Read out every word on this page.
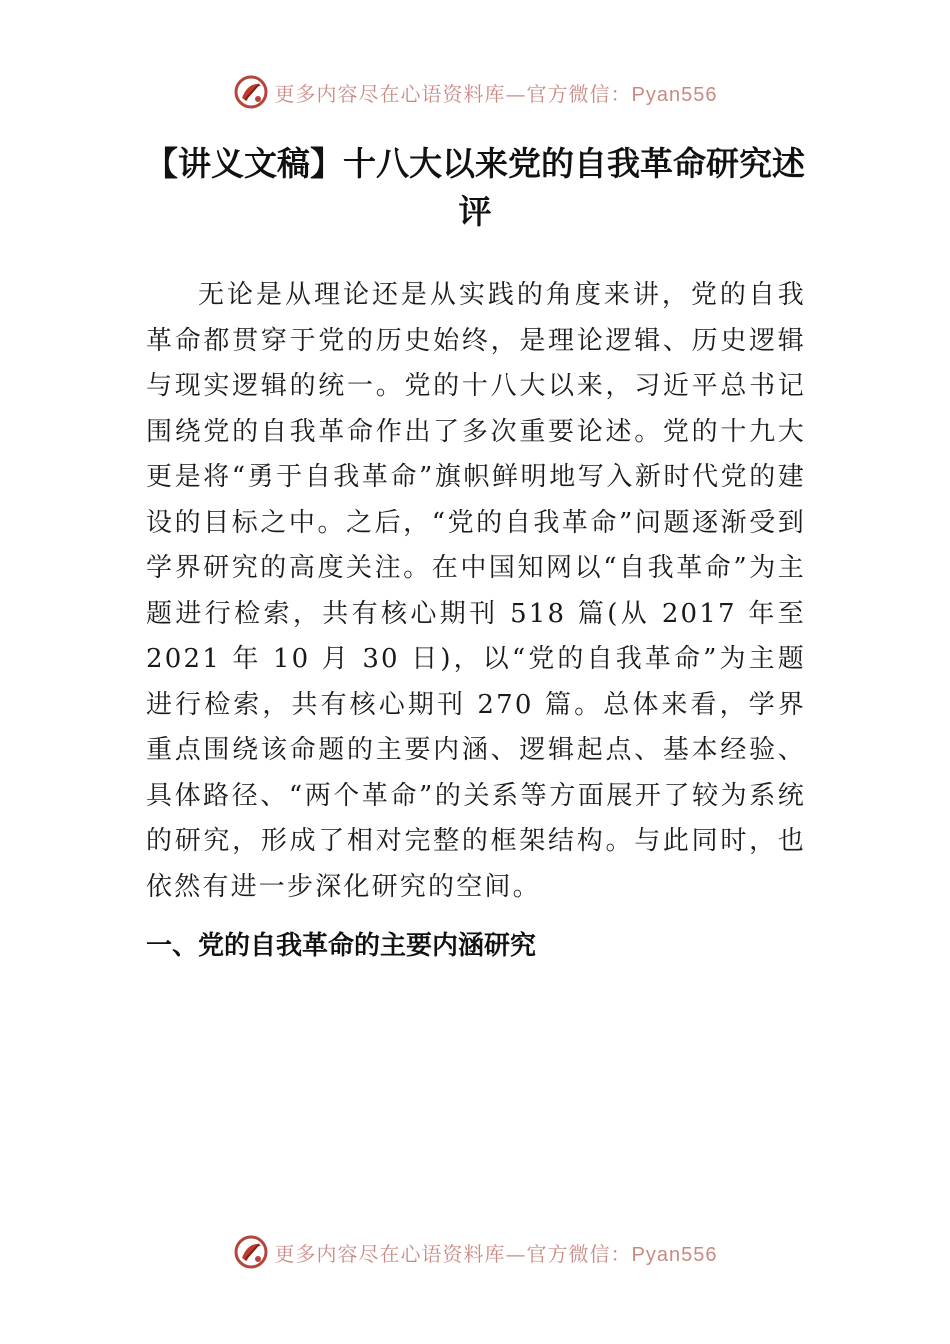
更多内容尽在心语资料库—官方微信：Pyan556
【讲义文稿】十八大以来党的自我革命研究述评

无论是从理论还是从实践的角度来讲，党的自我革命都贯穿于党的历史始终，是理论逻辑、历史逻辑与现实逻辑的统一。党的十八大以来，习近平总书记围绕党的自我革命作出了多次重要论述。党的十九大更是将“勇于自我革命”旗帜鲜明地写入新时代党的建设的目标之中。之后，“党的自我革命”问题逐渐受到学界研究的高度关注。在中国知网以“自我革命”为主题进行检索，共有核心期刊 518 篇(从 2017 年至 2021 年 10 月 30 日)，以“党的自我革命”为主题进行检索，共有核心期刊 270 篇。总体来看，学界重点围绕该命题的主要内涵、逻辑起点、基本经验、具体路径、“两个革命”的关系等方面展开了较为系统的研究，形成了相对完整的框架结构。与此同时，也依然有进一步深化研究的空间。

一、党的自我革命的主要内涵研究
更多内容尽在心语资料库—官方微信：Pyan556
